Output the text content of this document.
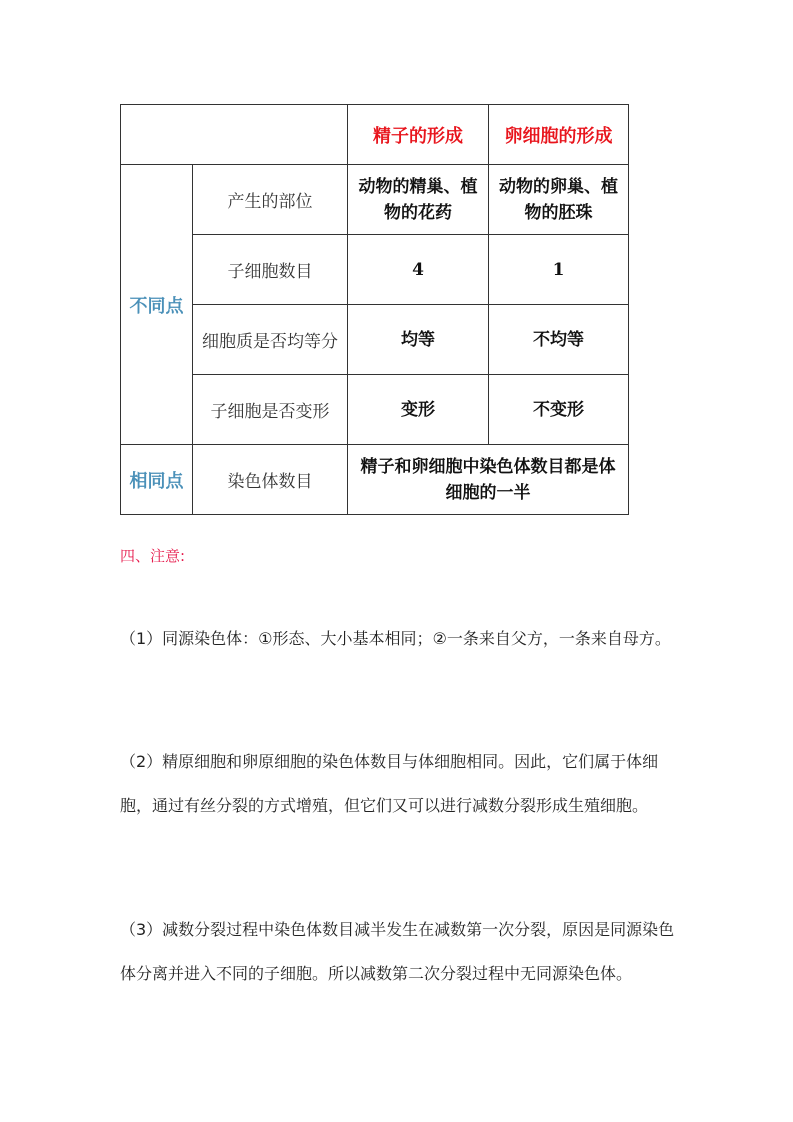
		精子的形成	卵细胞的形成
不同点	产生的部位	动物的精巢、植物的花药	动物的卵巢、植物的胚珠

	子细胞数目	4	1
	细胞质是否均等分	均等	不均等
	子细胞是否变形	变形	不变形
相同点	染色体数目	精子和卵细胞中染色体数目都是体细胞的一半	
四、注意:
（1）同源染色体：①形态、大小基本相同；②一条来自父方，一条来自母方。
（2）精原细胞和卵原细胞的染色体数目与体细胞相同。因此，它们属于体细胞，通过有丝分裂的方式增殖，但它们又可以进行减数分裂形成生殖细胞。
（3）减数分裂过程中染色体数目减半发生在减数第一次分裂，原因是同源染色体分离并进入不同的子细胞。所以减数第二次分裂过程中无同源染色体。
